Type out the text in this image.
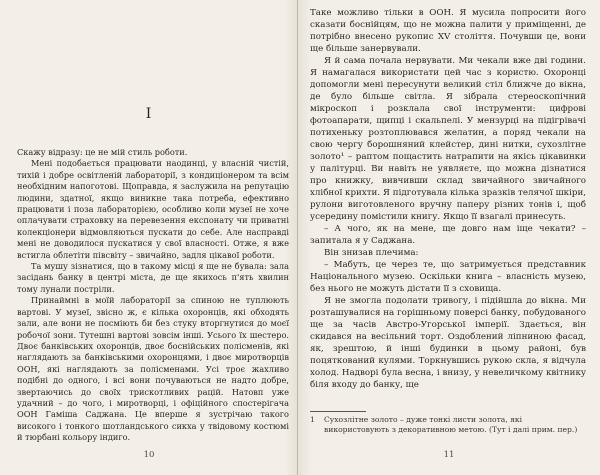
I

Скажу відразу: це не мій стиль роботи.

Мені подобається працювати наодинці, у власній чистій, тихій і добре освітленій лабораторії, з кондиціонером та всім необхідним напоготові. Щоправда, я заслужила на репутацію людини, здатної, якщо виникне така потреба, ефективно працювати і поза лабораторією, особливо коли музеї не хоче оплачувати страховку на перевезення експонату чи приватні колекціонери відмовляються пускати до себе. Але насправді мені не доводилося пускатися у свої власності. Отже, я вже встигла облетіти півсвіту – звичайно, задля цікавої роботи.

Та мушу зізнатися, що в такому місці я ще не бувала: зала засідань банку в центрі міста, де ще якихось п'ять хвилин тому лунали постріли.

Принаймні в моїй лабораторії за спиною не туплюють вартові. У музеї, звісно ж, є кілька охоронців, які обходять зали, але вони не посміють би без стуку вторгнутися до моєї робочої зони. Тутешні вартові зовсім інші. Усього їх шестеро. Двоє банківських охоронців, двоє боснійських полісменів, які наглядають за банківськими охоронцями, і двоє миротворців ООН, які наглядають за полісменами. Усі троє жахливо подібні до одного, і всі вони почуваються не надто добре, звертаючись до своїх трискотливих рацій. Натовп уже удачний – до чого, і миротворці, і офіційного спостерігача ООН Гаміша Саджана. Це вперше я зустрічаю такого високого і тонкого шотландського сикха у твідовому костюмі й тюрбані кольору індиго.

10

Таке можливо тільки в ООН. Я мусила попросити його сказати боснійцям, що не можна палити у приміщенні, де потрібно внесено рукопис XV століття. Почувши це, вони ще більше занервували.

Я й сама почала нервувати. Ми чекали вже дві години. Я намагалася використати цей час з користю. Охоронці допомогли мені пересунути великий стіл ближче до вікна, де було більше світла. Я зібрала стереоскопічний мікроскоп і розклала свої інструменти: цифрові фотоапарати, щипці і скальпелі. У мензурці на підігрівачі потихеньку розтоплювався желатин, а поряд чекали на свою чергу борошняний клейстер, дині нитки, сухозлітне золото¹ – раптом пощастить натрапити на якісь цікавинки у палітурці. Ви навіть не уявляєте, що можна дізнатися про книжку, вивчивши склад звичайного звичайного хлібної крихти. Я підготувала кілька зразків телячої шкіри, рулони виготовленого вручну паперу різних тонів і, щоб усередину помістили книгу. Якщо її взагалі принесуть.

– А чого, як на мене, ще довго нам іще чекати? – запитала я у Саджана.

Він знизав плечима:

– Мабуть, це через те, що затримується представник Національного музею. Оскільки книга – власність музею, без нього не можуть дістати її з сховища.

Я не змогла подолати тривогу, і підійшла до вікна. Ми розташувалися на горішньому поверсі банку, побудованого ще за часів Австро-Угорської імперії. Здається, він скидався на весільний торт. Оздоблений ліпниною фасад, як, зрештою, й інші будинки в цьому районі, був поцяткований кулями. Торкнувшись рукою скла, я відчула холод. Надворі була весна, і внизу, у невеличкому квітнику біля входу до банку, ще

1	Сухозлітне золото – дуже тонкі листи золота, які використовують з декоративною метою. (Тут і далі прим. пер.)
11
